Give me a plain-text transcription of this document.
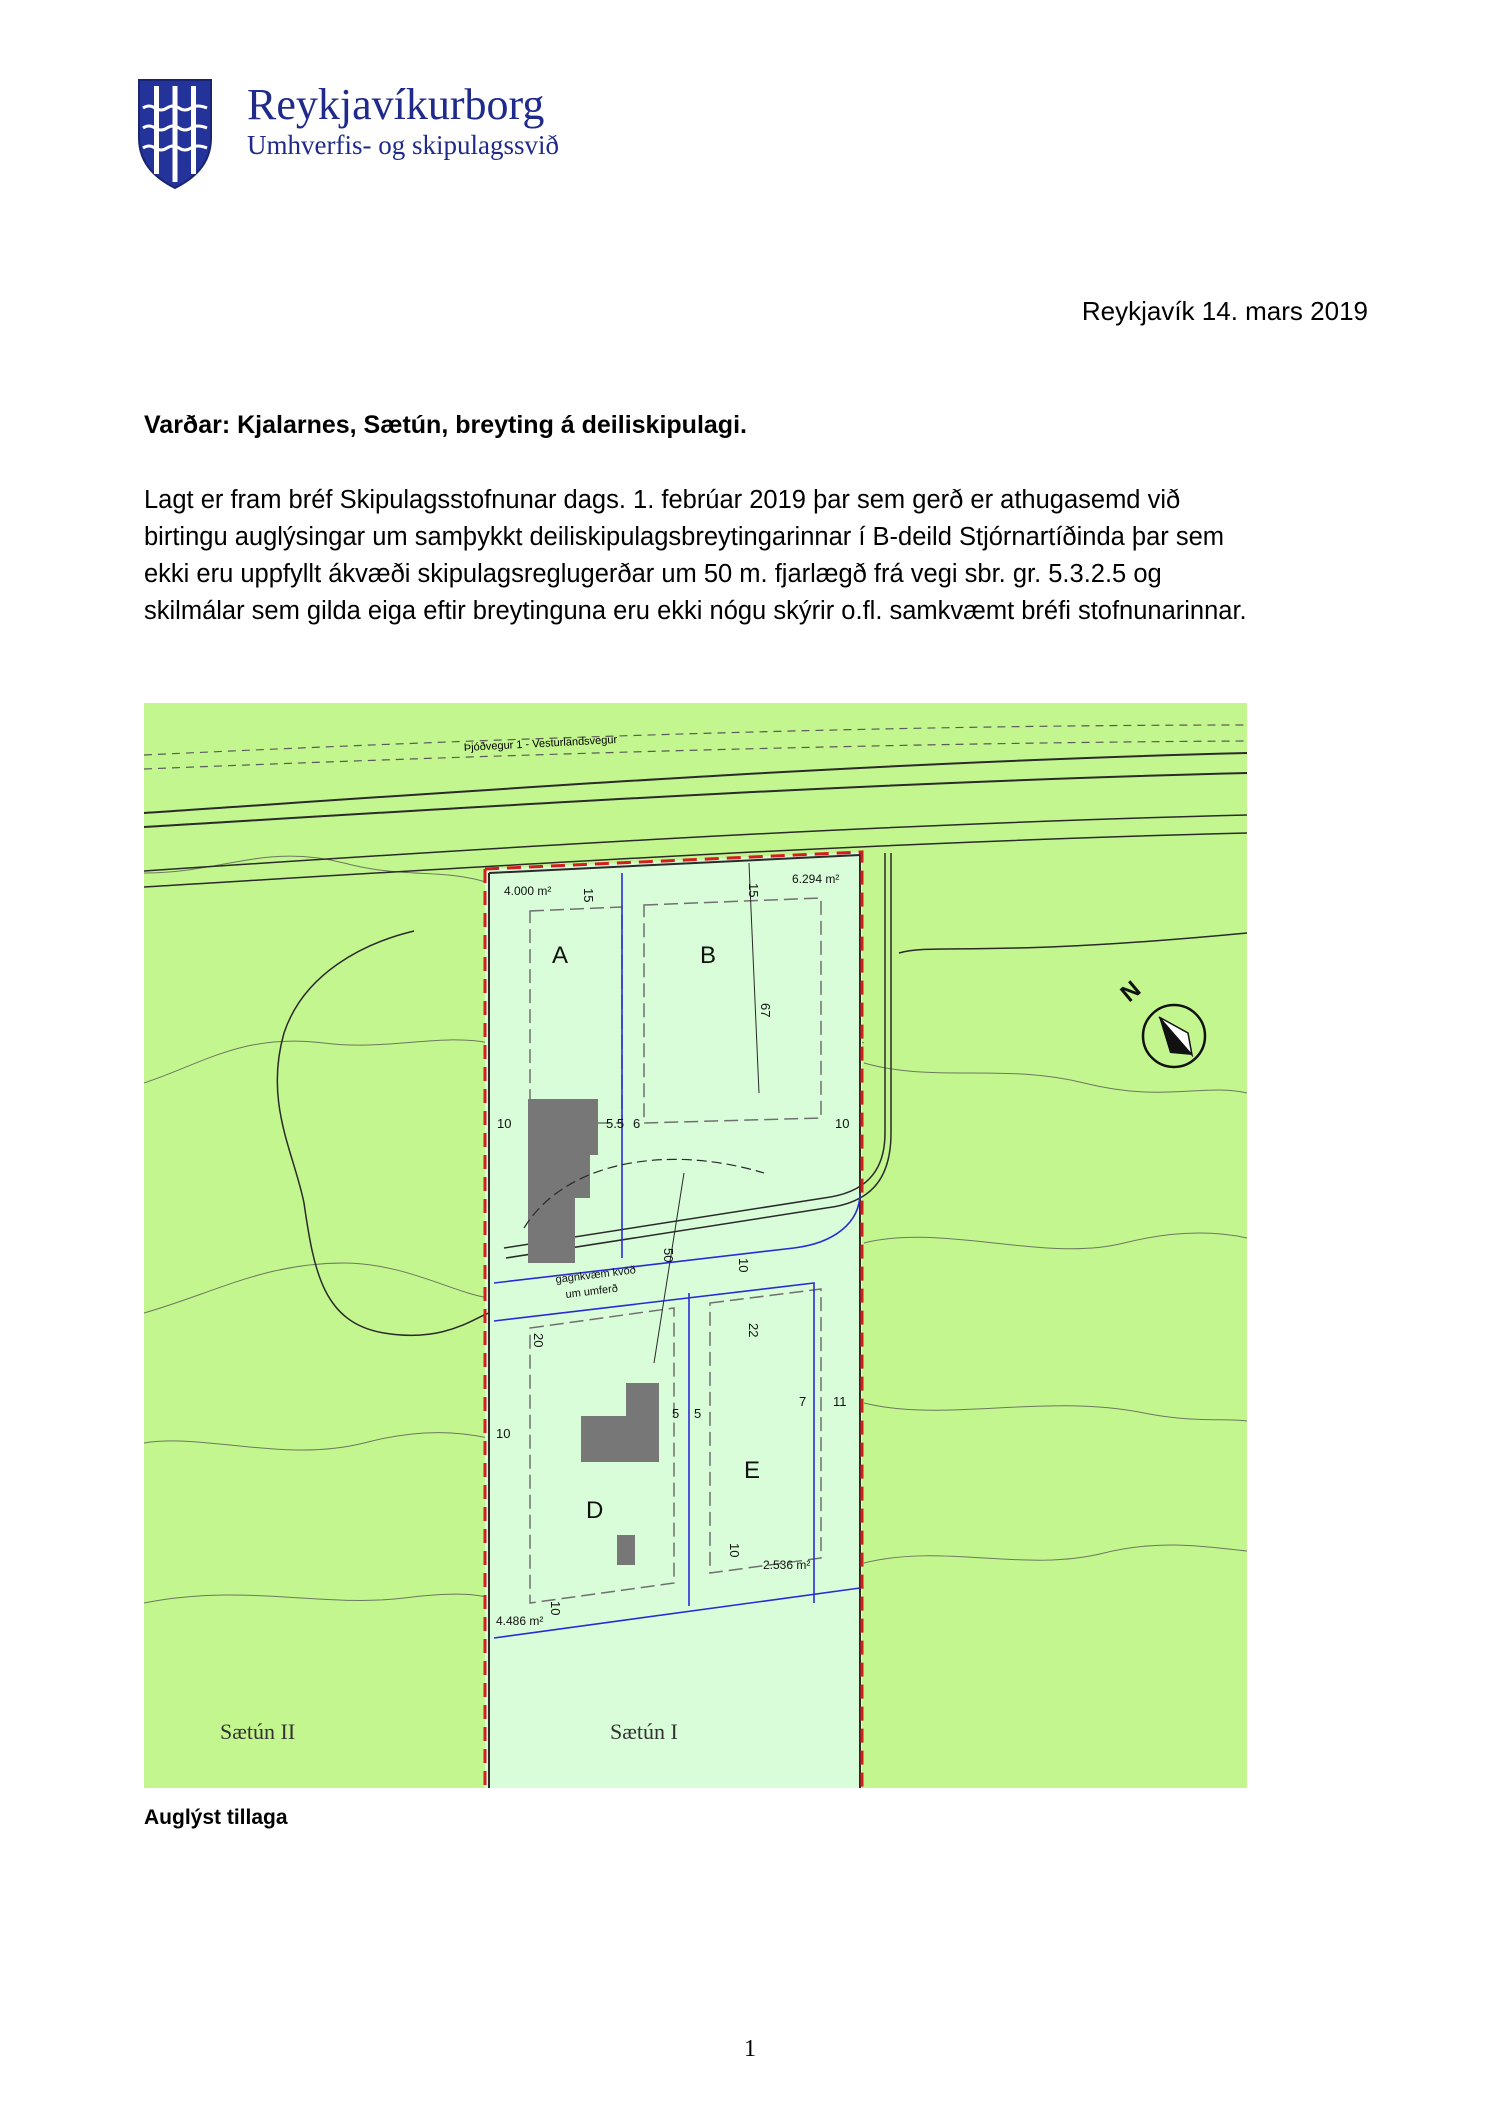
Reykjavíkurborg
Umhverfis- og skipulagssvið
Reykjavík 14. mars 2019
Varðar: Kjalarnes, Sætún, breyting á deiliskipulagi.
Lagt er fram bréf Skipulagsstofnunar dags. 1. febrúar 2019 þar sem gerð er athugasemd við
birtingu auglýsingar um samþykkt deiliskipulagsbreytingarinnar í B-deild Stjórnartíðinda þar sem
ekki eru uppfyllt ákvæði skipulagsreglugerðar um 50 m. fjarlægð frá vegi sbr. gr. 5.3.2.5 og
skilmálar sem gilda eiga eftir breytinguna eru ekki nógu skýrir o.fl. samkvæmt bréfi stofnunarinnar.
Þjóðvegur 1 - Vesturlandsvegur
4.000 m²
6.294 m²
4.486 m²
2.536 m²
A	B
D
E
15	15
67
10	5.5 6	10
50
10
20
22
7 11
10
5 5
10
10
gagnkvæm kvöð
um umferð
Sætún II	Sætún I
N
Auglýst tillaga
1
